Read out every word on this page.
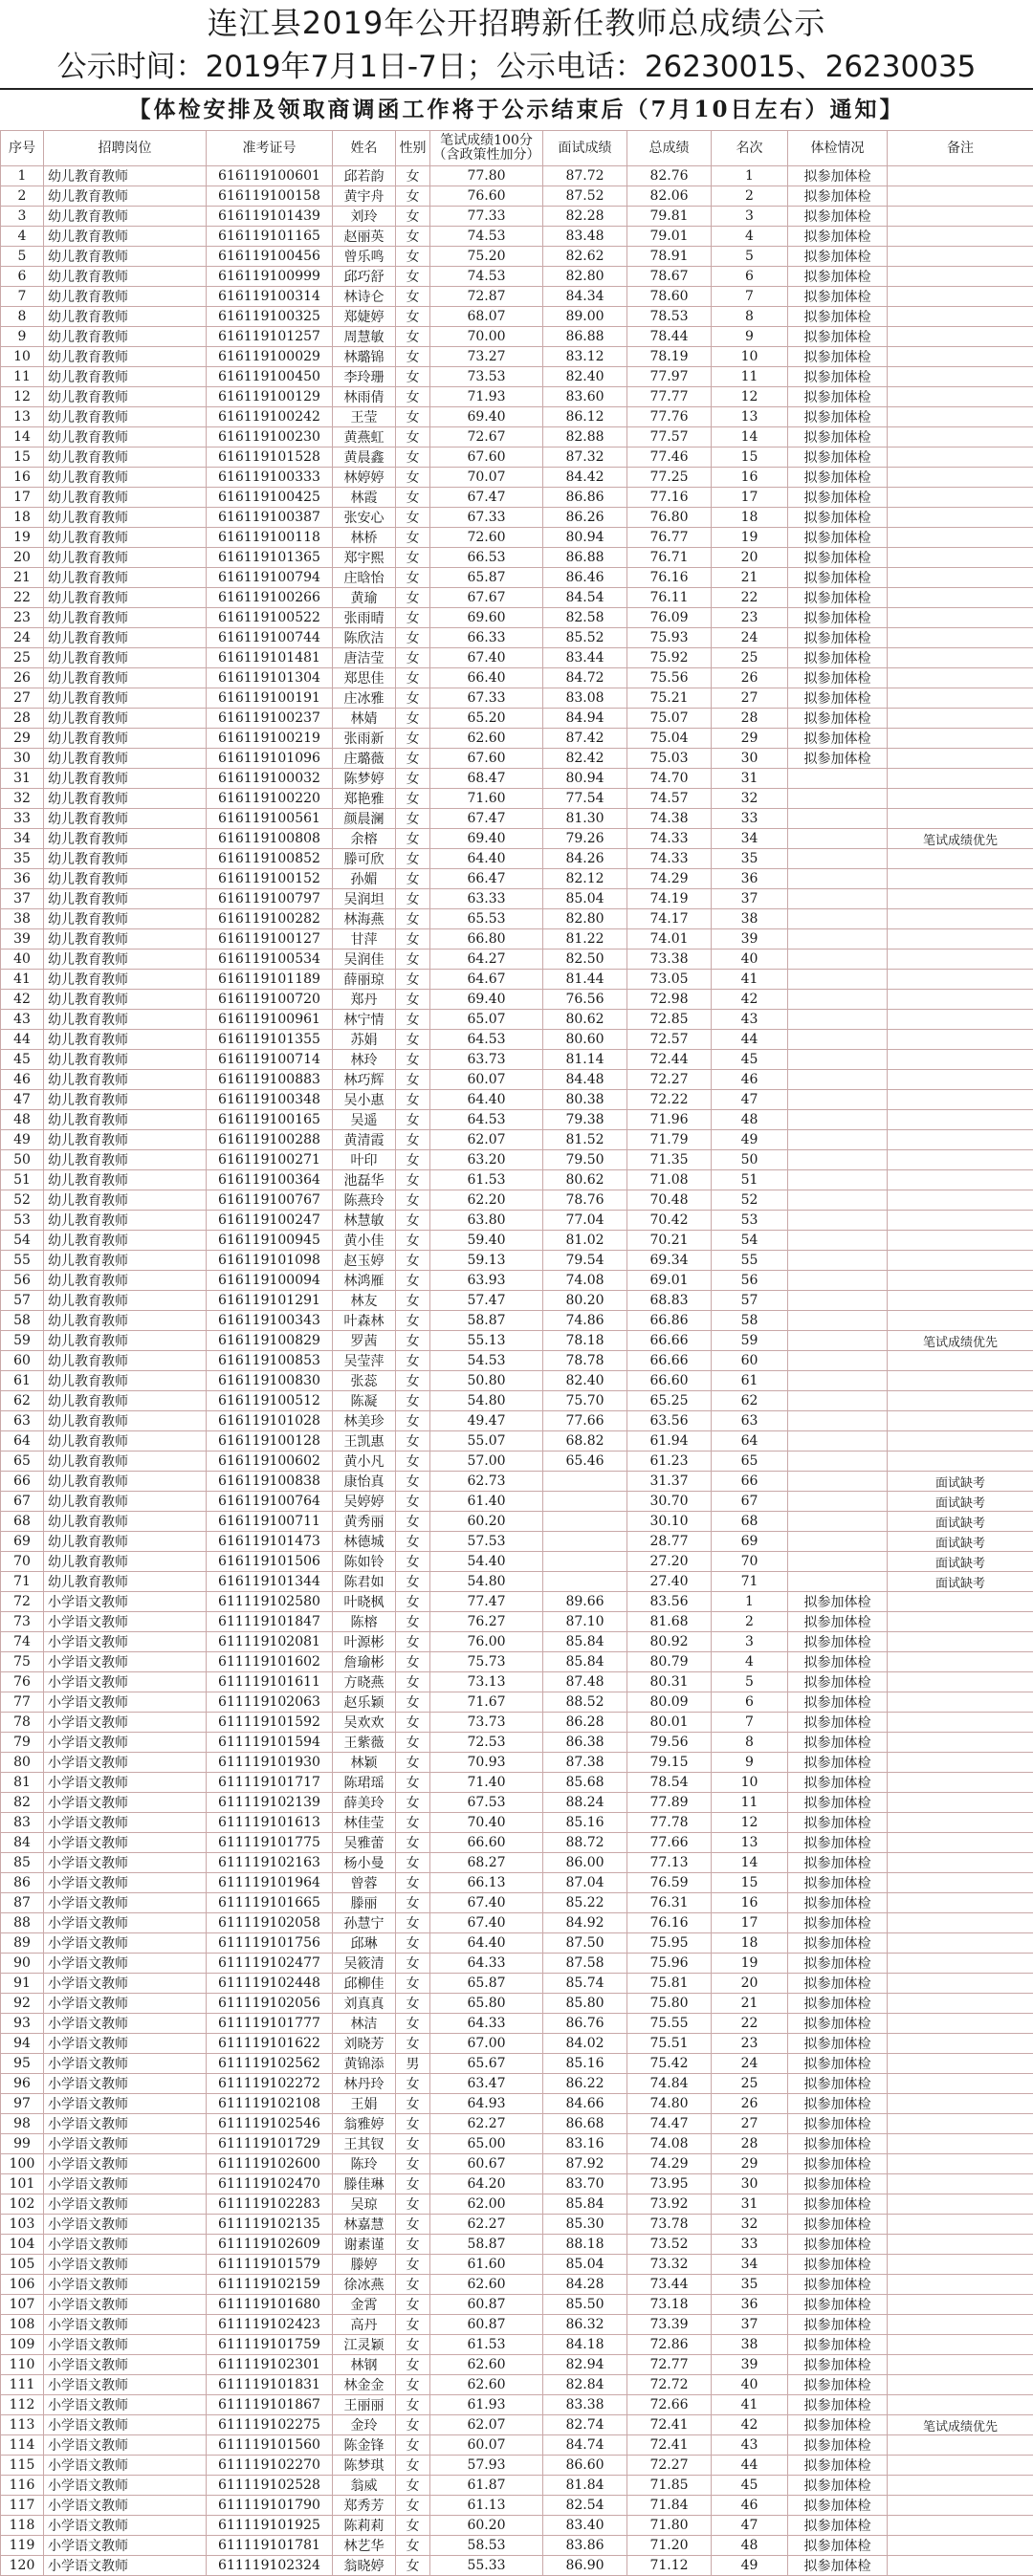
连江县2019年公开招聘新任教师总成绩公示
公示时间：2019年7月1日-7日；公示电话：26230015、26230035
【体检安排及领取商调函工作将于公示结束后（7月10日左右）通知】
序号	招聘岗位	准考证号	姓名	性别	笔试成绩100分（含政策性加分）	面试成绩	总成绩	名次	体检情况	备注
1	幼儿教育教师	616119100601	邱若韵	女	77.80	87.72	82.76	1	拟参加体检	
2	幼儿教育教师	616119100158	黄宇舟	女	76.60	87.52	82.06	2	拟参加体检	
3	幼儿教育教师	616119101439	刘玲	女	77.33	82.28	79.81	3	拟参加体检	
4	幼儿教育教师	616119101165	赵丽英	女	74.53	83.48	79.01	4	拟参加体检	
5	幼儿教育教师	616119100456	曾乐鸣	女	75.20	82.62	78.91	5	拟参加体检	
6	幼儿教育教师	616119100999	邱巧舒	女	74.53	82.80	78.67	6	拟参加体检	
7	幼儿教育教师	616119100314	林诗仑	女	72.87	84.34	78.60	7	拟参加体检	
8	幼儿教育教师	616119100325	郑婕婷	女	68.07	89.00	78.53	8	拟参加体检	
9	幼儿教育教师	616119101257	周慧敏	女	70.00	86.88	78.44	9	拟参加体检	
10	幼儿教育教师	616119100029	林璐锦	女	73.27	83.12	78.19	10	拟参加体检	
11	幼儿教育教师	616119100450	李玲珊	女	73.53	82.40	77.97	11	拟参加体检	
12	幼儿教育教师	616119100129	林雨倩	女	71.93	83.60	77.77	12	拟参加体检	
13	幼儿教育教师	616119100242	王莹	女	69.40	86.12	77.76	13	拟参加体检	
14	幼儿教育教师	616119100230	黄燕虹	女	72.67	82.88	77.57	14	拟参加体检	
15	幼儿教育教师	616119101528	黄晨鑫	女	67.60	87.32	77.46	15	拟参加体检	
16	幼儿教育教师	616119100333	林婷婷	女	70.07	84.42	77.25	16	拟参加体检	
17	幼儿教育教师	616119100425	林霞	女	67.47	86.86	77.16	17	拟参加体检	
18	幼儿教育教师	616119100387	张安心	女	67.33	86.26	76.80	18	拟参加体检	
19	幼儿教育教师	616119100118	林桥	女	72.60	80.94	76.77	19	拟参加体检	
20	幼儿教育教师	616119101365	郑宇熙	女	66.53	86.88	76.71	20	拟参加体检	
21	幼儿教育教师	616119100794	庄晗怡	女	65.87	86.46	76.16	21	拟参加体检	
22	幼儿教育教师	616119100266	黄瑜	女	67.67	84.54	76.11	22	拟参加体检	
23	幼儿教育教师	616119100522	张雨晴	女	69.60	82.58	76.09	23	拟参加体检	
24	幼儿教育教师	616119100744	陈欣洁	女	66.33	85.52	75.93	24	拟参加体检	
25	幼儿教育教师	616119101481	唐洁莹	女	67.40	83.44	75.92	25	拟参加体检	
26	幼儿教育教师	616119101304	郑思佳	女	66.40	84.72	75.56	26	拟参加体检	
27	幼儿教育教师	616119100191	庄冰雅	女	67.33	83.08	75.21	27	拟参加体检	
28	幼儿教育教师	616119100237	林婧	女	65.20	84.94	75.07	28	拟参加体检	
29	幼儿教育教师	616119100219	张雨新	女	62.60	87.42	75.04	29	拟参加体检	
30	幼儿教育教师	616119101096	庄璐薇	女	67.60	82.42	75.03	30	拟参加体检	
31	幼儿教育教师	616119100032	陈梦婷	女	68.47	80.94	74.70	31		
32	幼儿教育教师	616119100220	郑艳雅	女	71.60	77.54	74.57	32		
33	幼儿教育教师	616119100561	颜晨澜	女	67.47	81.30	74.38	33		
34	幼儿教育教师	616119100808	余榕	女	69.40	79.26	74.33	34		笔试成绩优先
35	幼儿教育教师	616119100852	滕可欣	女	64.40	84.26	74.33	35		
36	幼儿教育教师	616119100152	孙媚	女	66.47	82.12	74.29	36		
37	幼儿教育教师	616119100797	吴润坦	女	63.33	85.04	74.19	37		
38	幼儿教育教师	616119100282	林海燕	女	65.53	82.80	74.17	38		
39	幼儿教育教师	616119100127	甘萍	女	66.80	81.22	74.01	39		
40	幼儿教育教师	616119100534	吴润佳	女	64.27	82.50	73.38	40		
41	幼儿教育教师	616119101189	薛丽琼	女	64.67	81.44	73.05	41		
42	幼儿教育教师	616119100720	郑丹	女	69.40	76.56	72.98	42		
43	幼儿教育教师	616119100961	林宁情	女	65.07	80.62	72.85	43		
44	幼儿教育教师	616119101355	苏娟	女	64.53	80.60	72.57	44		
45	幼儿教育教师	616119100714	林玲	女	63.73	81.14	72.44	45		
46	幼儿教育教师	616119100883	林巧辉	女	60.07	84.48	72.27	46		
47	幼儿教育教师	616119100348	吴小惠	女	64.40	80.38	72.22	47		
48	幼儿教育教师	616119100165	吴遥	女	64.53	79.38	71.96	48		
49	幼儿教育教师	616119100288	黄清霞	女	62.07	81.52	71.79	49		
50	幼儿教育教师	616119100271	叶印	女	63.20	79.50	71.35	50		
51	幼儿教育教师	616119100364	池磊华	女	61.53	80.62	71.08	51		
52	幼儿教育教师	616119100767	陈燕玲	女	62.20	78.76	70.48	52		
53	幼儿教育教师	616119100247	林慧敏	女	63.80	77.04	70.42	53		
54	幼儿教育教师	616119100945	黄小佳	女	59.40	81.02	70.21	54		
55	幼儿教育教师	616119101098	赵玉婷	女	59.13	79.54	69.34	55		
56	幼儿教育教师	616119100094	林鸿雁	女	63.93	74.08	69.01	56		
57	幼儿教育教师	616119101291	林友	女	57.47	80.20	68.83	57		
58	幼儿教育教师	616119100343	叶森林	女	58.87	74.86	66.86	58		
59	幼儿教育教师	616119100829	罗茜	女	55.13	78.18	66.66	59		笔试成绩优先
60	幼儿教育教师	616119100853	吴莹萍	女	54.53	78.78	66.66	60		
61	幼儿教育教师	616119100830	张蕊	女	50.80	82.40	66.60	61		
62	幼儿教育教师	616119100512	陈凝	女	54.80	75.70	65.25	62		
63	幼儿教育教师	616119101028	林美珍	女	49.47	77.66	63.56	63		
64	幼儿教育教师	616119100128	王凯惠	女	55.07	68.82	61.94	64		
65	幼儿教育教师	616119100602	黄小凡	女	57.00	65.46	61.23	65		
66	幼儿教育教师	616119100838	康怡真	女	62.73		31.37	66		面试缺考
67	幼儿教育教师	616119100764	吴婷婷	女	61.40		30.70	67		面试缺考
68	幼儿教育教师	616119100711	黄秀丽	女	60.20		30.10	68		面试缺考
69	幼儿教育教师	616119101473	林德城	女	57.53		28.77	69		面试缺考
70	幼儿教育教师	616119101506	陈如铃	女	54.40		27.20	70		面试缺考
71	幼儿教育教师	616119101344	陈君如	女	54.80		27.40	71		面试缺考
72	小学语文教师	611119102580	叶晓枫	女	77.47	89.66	83.56	1	拟参加体检	
73	小学语文教师	611119101847	陈榕	女	76.27	87.10	81.68	2	拟参加体检	
74	小学语文教师	611119102081	叶源彬	女	76.00	85.84	80.92	3	拟参加体检	
75	小学语文教师	611119101602	詹瑜彬	女	75.73	85.84	80.79	4	拟参加体检	
76	小学语文教师	611119101611	方晓燕	女	73.13	87.48	80.31	5	拟参加体检	
77	小学语文教师	611119102063	赵乐颖	女	71.67	88.52	80.09	6	拟参加体检	
78	小学语文教师	611119101592	吴欢欢	女	73.73	86.28	80.01	7	拟参加体检	
79	小学语文教师	611119101594	王紫薇	女	72.53	86.38	79.56	8	拟参加体检	
80	小学语文教师	611119101930	林颖	女	70.93	87.38	79.15	9	拟参加体检	
81	小学语文教师	611119101717	陈珺瑶	女	71.40	85.68	78.54	10	拟参加体检	
82	小学语文教师	611119102139	薛美玲	女	67.53	88.24	77.89	11	拟参加体检	
83	小学语文教师	611119101613	林佳莹	女	70.40	85.16	77.78	12	拟参加体检	
84	小学语文教师	611119101775	吴雅蕾	女	66.60	88.72	77.66	13	拟参加体检	
85	小学语文教师	611119102163	杨小曼	女	68.27	86.00	77.13	14	拟参加体检	
86	小学语文教师	611119101964	曾蓉	女	66.13	87.04	76.59	15	拟参加体检	
87	小学语文教师	611119101665	滕丽	女	67.40	85.22	76.31	16	拟参加体检	
88	小学语文教师	611119102058	孙慧宁	女	67.40	84.92	76.16	17	拟参加体检	
89	小学语文教师	611119101756	邱琳	女	64.40	87.50	75.95	18	拟参加体检	
90	小学语文教师	611119102477	吴筱清	女	64.33	87.58	75.96	19	拟参加体检	
91	小学语文教师	611119102448	邱柳佳	女	65.87	85.74	75.81	20	拟参加体检	
92	小学语文教师	611119102056	刘真真	女	65.80	85.80	75.80	21	拟参加体检	
93	小学语文教师	611119101777	林洁	女	64.33	86.76	75.55	22	拟参加体检	
94	小学语文教师	611119101622	刘晓芳	女	67.00	84.02	75.51	23	拟参加体检	
95	小学语文教师	611119102562	黄锦添	男	65.67	85.16	75.42	24	拟参加体检	
96	小学语文教师	611119102272	林丹玲	女	63.47	86.22	74.84	25	拟参加体检	
97	小学语文教师	611119102108	王娟	女	64.93	84.66	74.80	26	拟参加体检	
98	小学语文教师	611119102546	翁雅婷	女	62.27	86.68	74.47	27	拟参加体检	
99	小学语文教师	611119101729	王其钗	女	65.00	83.16	74.08	28	拟参加体检	
100	小学语文教师	611119102600	陈玲	女	60.67	87.92	74.29	29	拟参加体检	
101	小学语文教师	611119102470	滕佳琳	女	64.20	83.70	73.95	30	拟参加体检	
102	小学语文教师	611119102283	吴琼	女	62.00	85.84	73.92	31	拟参加体检	
103	小学语文教师	611119102135	林嘉慧	女	62.27	85.30	73.78	32	拟参加体检	
104	小学语文教师	611119102609	谢素谨	女	58.87	88.18	73.52	33	拟参加体检	
105	小学语文教师	611119101579	滕婷	女	61.60	85.04	73.32	34	拟参加体检	
106	小学语文教师	611119102159	徐冰燕	女	62.60	84.28	73.44	35	拟参加体检	
107	小学语文教师	611119101680	金霄	女	60.87	85.50	73.18	36	拟参加体检	
108	小学语文教师	611119102423	高丹	女	60.87	86.32	73.39	37	拟参加体检	
109	小学语文教师	611119101759	江灵颖	女	61.53	84.18	72.86	38	拟参加体检	
110	小学语文教师	611119102301	林钢	女	62.60	82.94	72.77	39	拟参加体检	
111	小学语文教师	611119101831	林金金	女	62.60	82.84	72.72	40	拟参加体检	
112	小学语文教师	611119101867	王丽丽	女	61.93	83.38	72.66	41	拟参加体检	
113	小学语文教师	611119102275	金玲	女	62.07	82.74	72.41	42	拟参加体检	笔试成绩优先
114	小学语文教师	611119101560	陈金锋	女	60.07	84.74	72.41	43	拟参加体检	
115	小学语文教师	611119102270	陈梦琪	女	57.93	86.60	72.27	44	拟参加体检	
116	小学语文教师	611119102528	翁威	女	61.87	81.84	71.85	45	拟参加体检	
117	小学语文教师	611119101790	郑秀芳	女	61.13	82.54	71.84	46	拟参加体检	
118	小学语文教师	611119101925	陈莉莉	女	60.20	83.40	71.80	47	拟参加体检	
119	小学语文教师	611119101781	林艺华	女	58.53	83.86	71.20	48	拟参加体检	
120	小学语文教师	611119102324	翁晓婷	女	55.33	86.90	71.12	49	拟参加体检	
